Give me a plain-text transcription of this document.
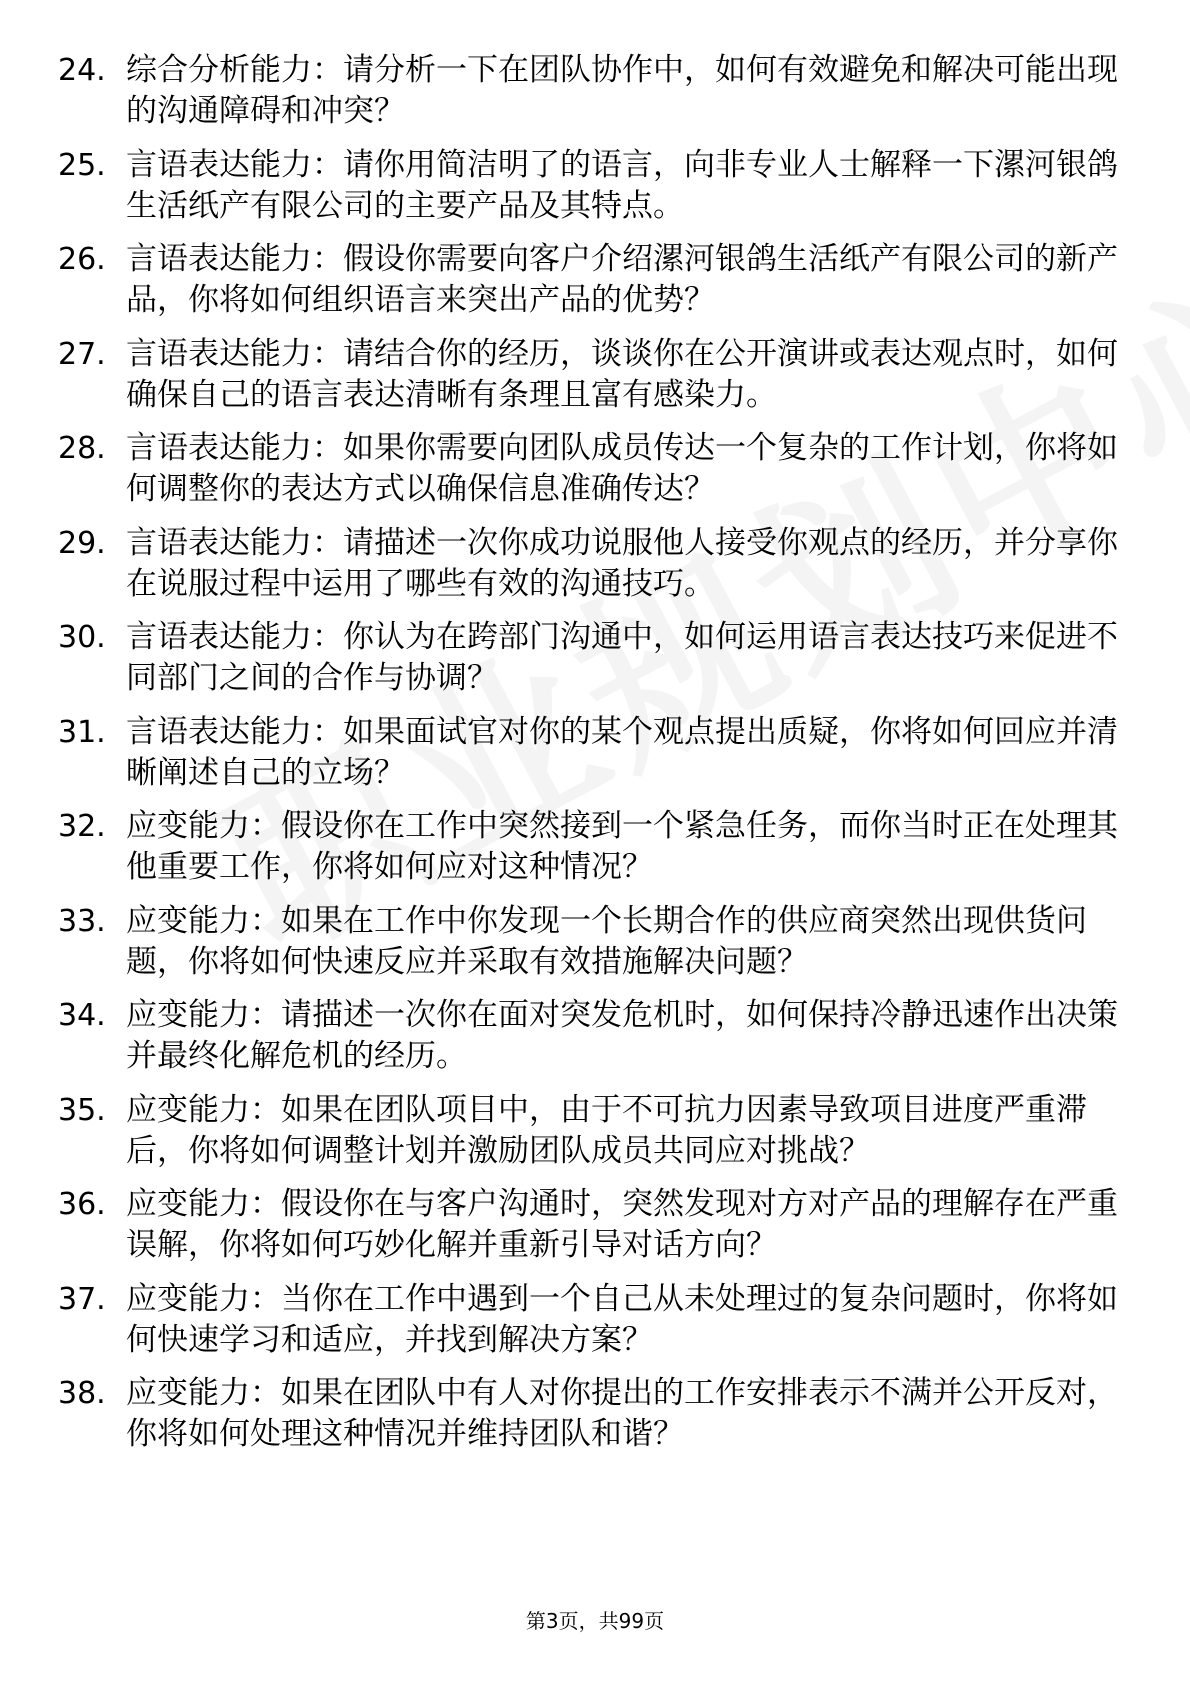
24. 综合分析能力：请分析一下在团队协作中，如何有效避免和解决可能出现的沟通障碍和冲突？
25. 言语表达能力：请你用简洁明了的语言，向非专业人士解释一下漯河银鸽生活纸产有限公司的主要产品及其特点。
26. 言语表达能力：假设你需要向客户介绍漯河银鸽生活纸产有限公司的新产品，你将如何组织语言来突出产品的优势？
27. 言语表达能力：请结合你的经历，谈谈你在公开演讲或表达观点时，如何确保自己的语言表达清晰有条理且富有感染力。
28. 言语表达能力：如果你需要向团队成员传达一个复杂的工作计划，你将如何调整你的表达方式以确保信息准确传达？
29. 言语表达能力：请描述一次你成功说服他人接受你观点的经历，并分享你在说服过程中运用了哪些有效的沟通技巧。
30. 言语表达能力：你认为在跨部门沟通中，如何运用语言表达技巧来促进不同部门之间的合作与协调？
31. 言语表达能力：如果面试官对你的某个观点提出质疑，你将如何回应并清晰阐述自己的立场？
32. 应变能力：假设你在工作中突然接到一个紧急任务，而你当时正在处理其他重要工作，你将如何应对这种情况？
33. 应变能力：如果在工作中你发现一个长期合作的供应商突然出现供货问题，你将如何快速反应并采取有效措施解决问题？
34. 应变能力：请描述一次你在面对突发危机时，如何保持冷静迅速作出决策并最终化解危机的经历。
35. 应变能力：如果在团队项目中，由于不可抗力因素导致项目进度严重滞后，你将如何调整计划并激励团队成员共同应对挑战？
36. 应变能力：假设你在与客户沟通时，突然发现对方对产品的理解存在严重误解，你将如何巧妙化解并重新引导对话方向？
37. 应变能力：当你在工作中遇到一个自己从未处理过的复杂问题时，你将如何快速学习和适应，并找到解决方案？
38. 应变能力：如果在团队中有人对你提出的工作安排表示不满并公开反对，你将如何处理这种情况并维持团队和谐？
第3页，共99页
